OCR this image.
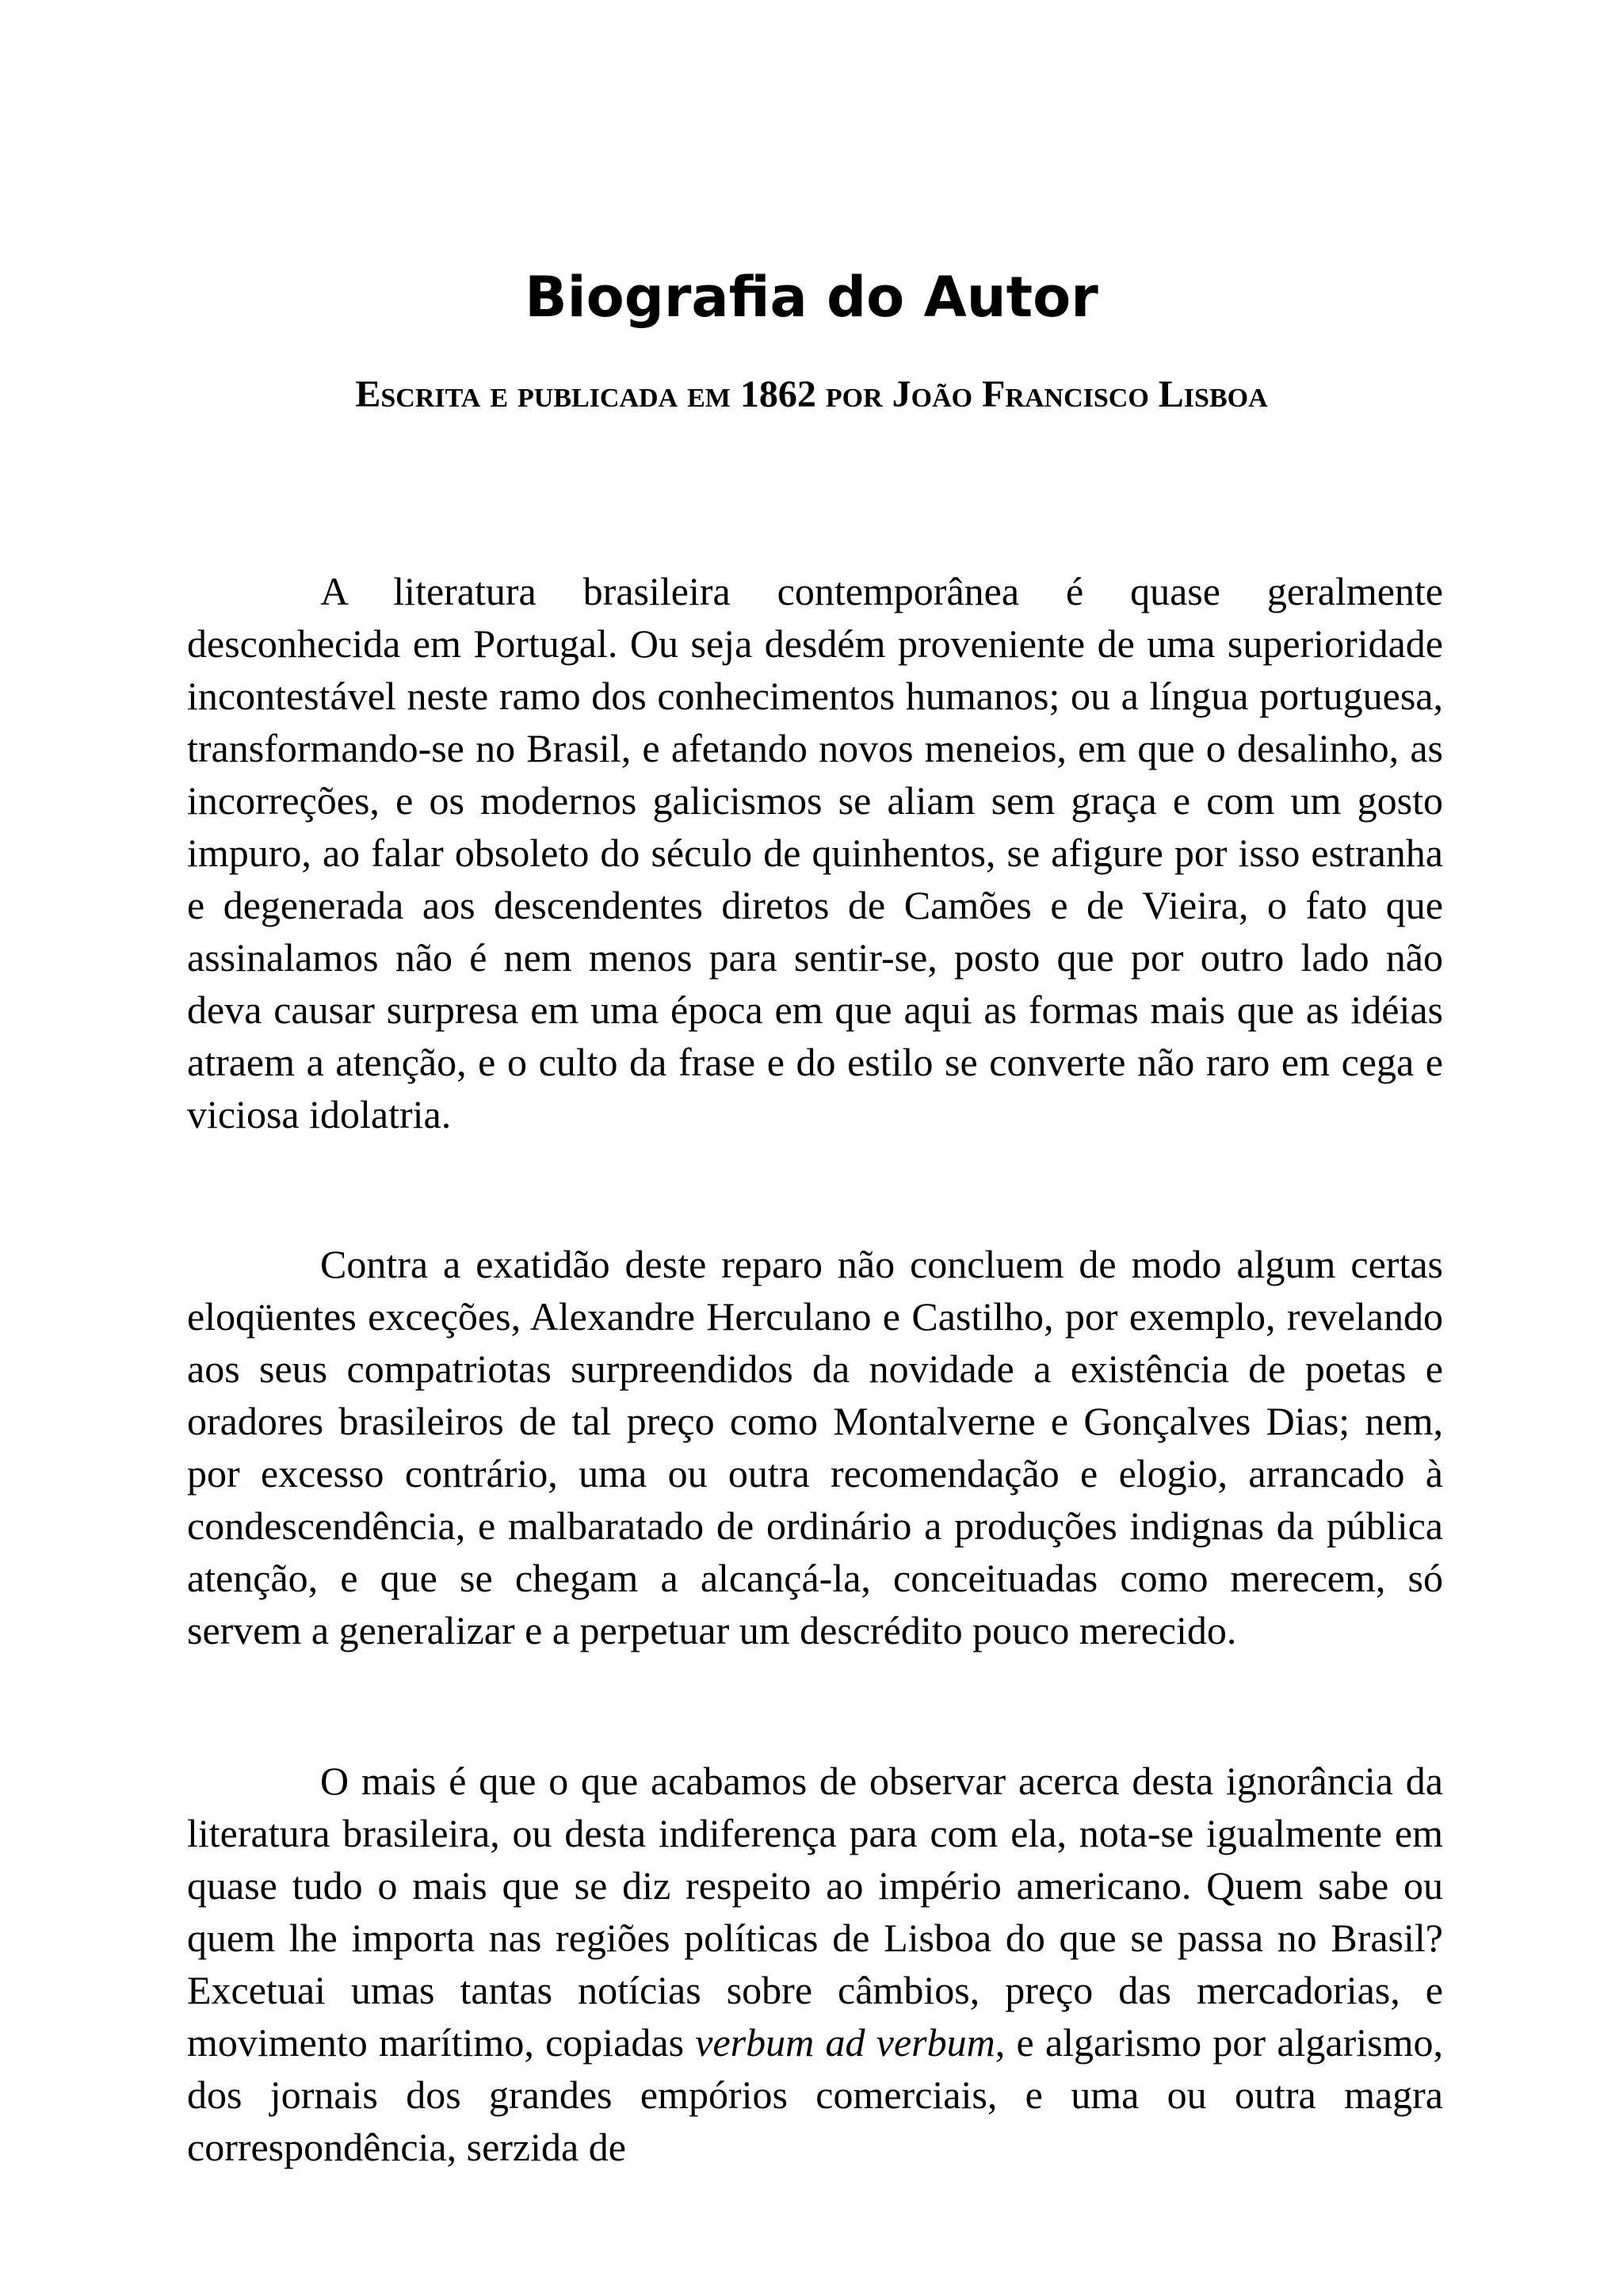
Biografia do Autor
Escrita e publicada em 1862 por João Francisco Lisboa

A literatura brasileira contemporânea é quase geralmente desconhecida em Portugal. Ou seja desdém proveniente de uma superioridade incontestável neste ramo dos conhecimentos humanos; ou a língua portuguesa, transformando-se no Brasil, e afetando novos meneios, em que o desalinho, as incorreções, e os modernos galicismos se aliam sem graça e com um gosto impuro, ao falar obsoleto do século de quinhentos, se afigure por isso estranha e degenerada aos descendentes diretos de Camões e de Vieira, o fato que assinalamos não é nem menos para sentir-se, posto que por outro lado não deva causar surpresa em uma época em que aqui as formas mais que as idéias atraem a atenção, e o culto da frase e do estilo se converte não raro em cega e viciosa idolatria.

Contra a exatidão deste reparo não concluem de modo algum certas eloqüentes exceções, Alexandre Herculano e Castilho, por exemplo, revelando aos seus compatriotas surpreendidos da novidade a existência de poetas e oradores brasileiros de tal preço como Montalverne e Gonçalves Dias; nem, por excesso contrário, uma ou outra recomendação e elogio, arrancado à condescendência, e malbaratado de ordinário a produções indignas da pública atenção, e que se chegam a alcançá-la, conceituadas como merecem, só servem a generalizar e a perpetuar um descrédito pouco merecido.

O mais é que o que acabamos de observar acerca desta ignorância da literatura brasileira, ou desta indiferença para com ela, nota-se igualmente em quase tudo o mais que se diz respeito ao império americano. Quem sabe ou quem lhe importa nas regiões políticas de Lisboa do que se passa no Brasil? Excetuai umas tantas notícias sobre câmbios, preço das mercadorias, e movimento marítimo, copiadas verbum ad verbum, e algarismo por algarismo, dos jornais dos grandes empórios comerciais, e uma ou outra magra correspondência, serzida de
